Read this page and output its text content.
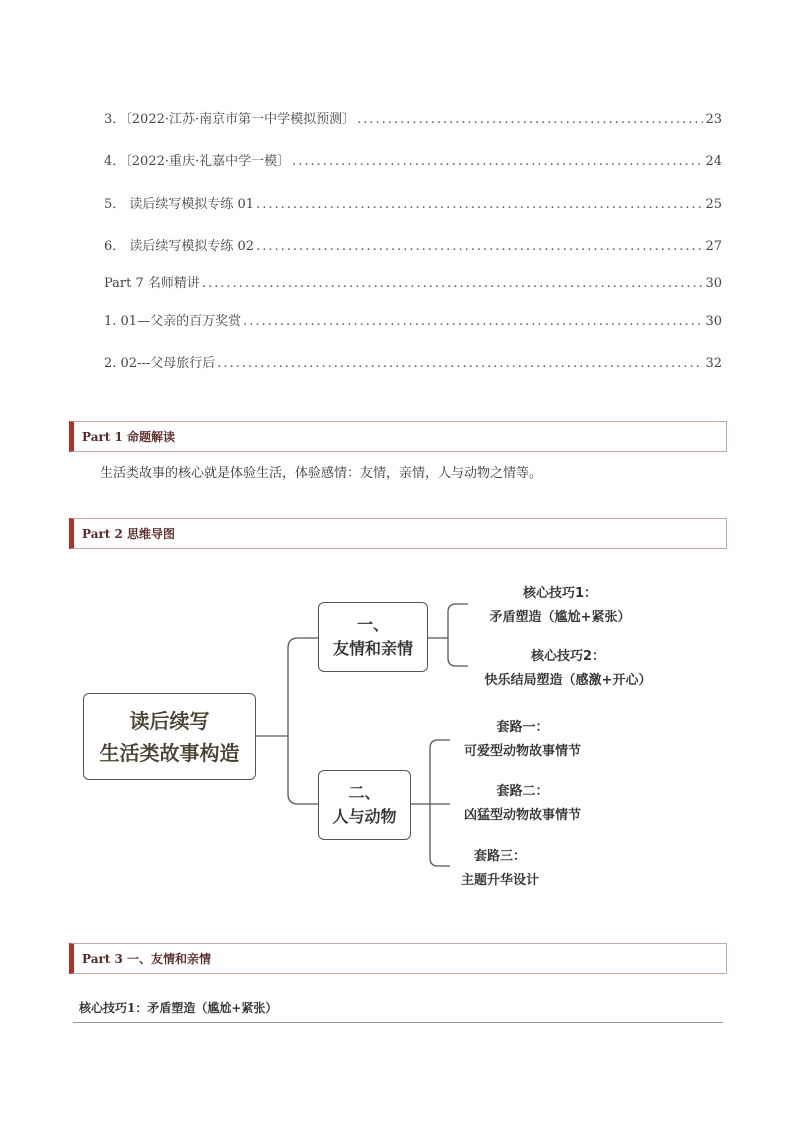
3．〔2022·江苏·南京市第一中学模拟预测〕 .....	23
4．〔2022·重庆·礼嘉中学一模〕 .....	24
5． 读后续写模拟专练 01 .....	25
6． 读后续写模拟专练 02 .....	27
Part 7 名师精讲 .....	30
1. 01—父亲的百万奖赏 .....	30
2. 02---父母旅行后 .....	32
Part 1 命题解读
生活类故事的核心就是体验生活，体验感情：友情，亲情，人与动物之情等。
Part 2 思维导图
读后续写
生活类故事构造
一、
友情和亲情
二、
人与动物
核心技巧1：
矛盾塑造（尴尬+紧张）
核心技巧2：
快乐结局塑造（感激+开心）
套路一：
可爱型动物故事情节
套路二：
凶猛型动物故事情节
套路三：
主题升华设计
Part 3 一、友情和亲情
核心技巧1：矛盾塑造（尴尬+紧张）
